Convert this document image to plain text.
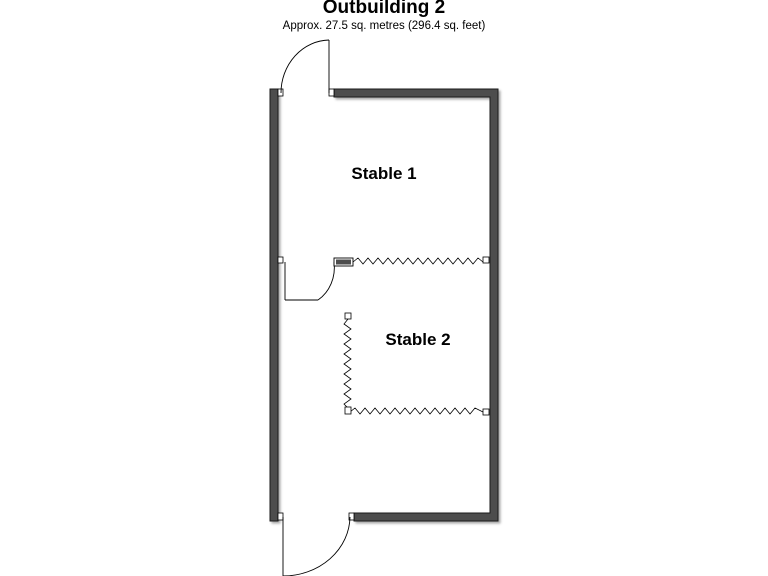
Outbuilding 2
Approx. 27.5 sq. metres (296.4 sq. feet)
Stable 1
Stable 2
